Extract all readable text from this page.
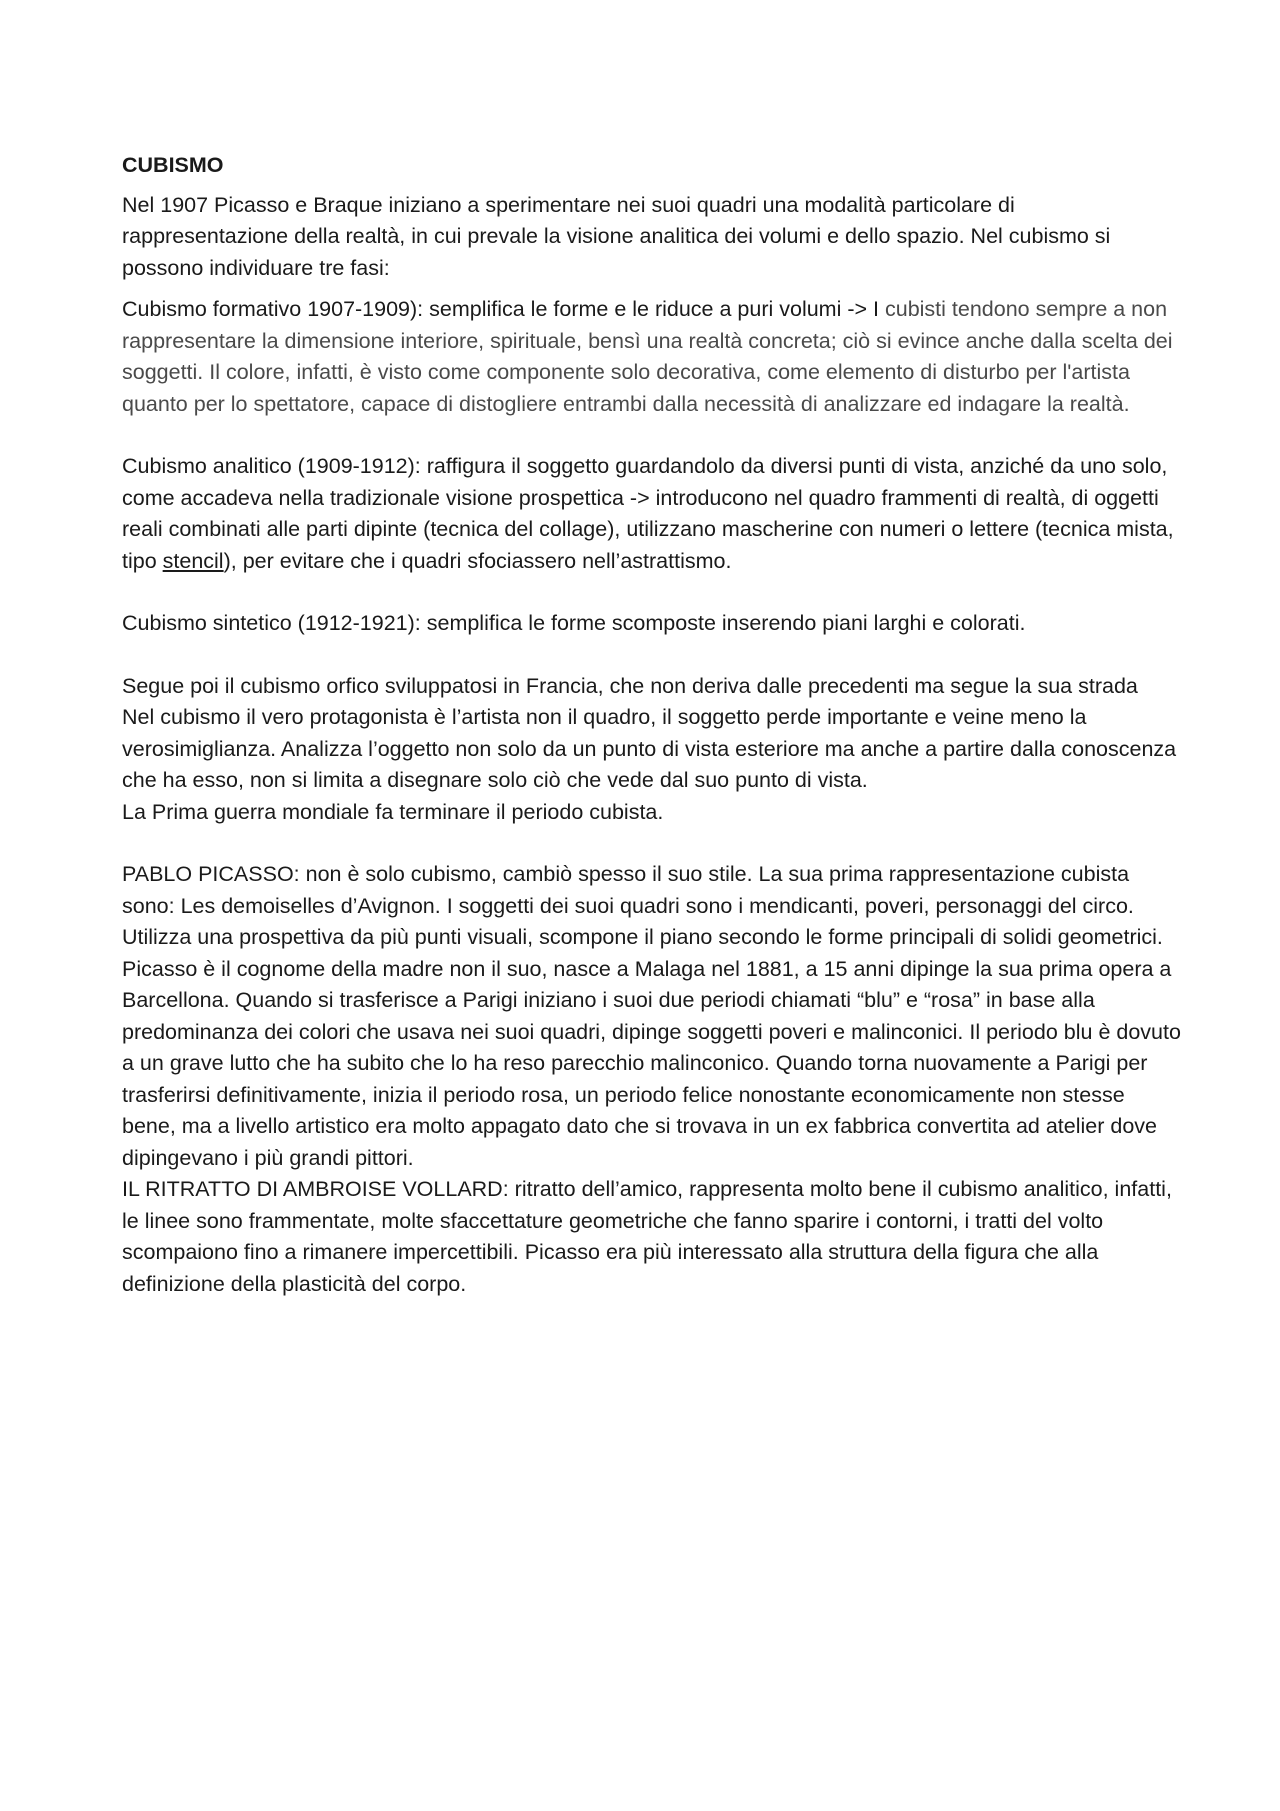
CUBISMO

Nel 1907 Picasso e Braque iniziano a sperimentare nei suoi quadri una modalità particolare di rappresentazione della realtà, in cui prevale la visione analitica dei volumi e dello spazio. Nel cubismo si possono individuare tre fasi:

Cubismo formativo 1907-1909): semplifica le forme e le riduce a puri volumi -> I cubisti tendono sempre a non rappresentare la dimensione interiore, spirituale, bensì una realtà concreta; ciò si evince anche dalla scelta dei soggetti. Il colore, infatti, è visto come componente solo decorativa, come elemento di disturbo per l'artista quanto per lo spettatore, capace di distogliere entrambi dalla necessità di analizzare ed indagare la realtà.

Cubismo analitico (1909-1912): raffigura il soggetto guardandolo da diversi punti di vista, anziché da uno solo, come accadeva nella tradizionale visione prospettica -> introducono nel quadro frammenti di realtà, di oggetti reali combinati alle parti dipinte (tecnica del collage), utilizzano mascherine con numeri o lettere (tecnica mista, tipo stencil), per evitare che i quadri sfociassero nell’astrattismo.

Cubismo sintetico (1912-1921): semplifica le forme scomposte inserendo piani larghi e colorati.

Segue poi il cubismo orfico sviluppatosi in Francia, che non deriva dalle precedenti ma segue la sua strada

Nel cubismo il vero protagonista è l’artista non il quadro, il soggetto perde importante e veine meno la verosimiglianza. Analizza l’oggetto non solo da un punto di vista esteriore ma anche a partire dalla conoscenza che ha esso, non si limita a disegnare solo ciò che vede dal suo punto di vista.

La Prima guerra mondiale fa terminare il periodo cubista.

PABLO PICASSO: non è solo cubismo, cambiò spesso il suo stile. La sua prima rappresentazione cubista sono: Les demoiselles d’Avignon. I soggetti dei suoi quadri sono i mendicanti, poveri, personaggi del circo. Utilizza una prospettiva da più punti visuali, scompone il piano secondo le forme principali di solidi geometrici. Picasso è il cognome della madre non il suo, nasce a Malaga nel 1881, a 15 anni dipinge la sua prima opera a Barcellona. Quando si trasferisce a Parigi iniziano i suoi due periodi chiamati “blu” e “rosa” in base alla predominanza dei colori che usava nei suoi quadri, dipinge soggetti poveri e malinconici. Il periodo blu è dovuto a un grave lutto che ha subito che lo ha reso parecchio malinconico. Quando torna nuovamente a Parigi per trasferirsi definitivamente, inizia il periodo rosa, un periodo felice nonostante economicamente non stesse bene, ma a livello artistico era molto appagato dato che si trovava in un ex fabbrica convertita ad atelier dove dipingevano i più grandi pittori.

IL RITRATTO DI AMBROISE VOLLARD: ritratto dell’amico, rappresenta molto bene il cubismo analitico, infatti, le linee sono frammentate, molte sfaccettature geometriche che fanno sparire i contorni, i tratti del volto scompaiono fino a rimanere impercettibili. Picasso era più interessato alla struttura della figura che alla definizione della plasticità del corpo.
